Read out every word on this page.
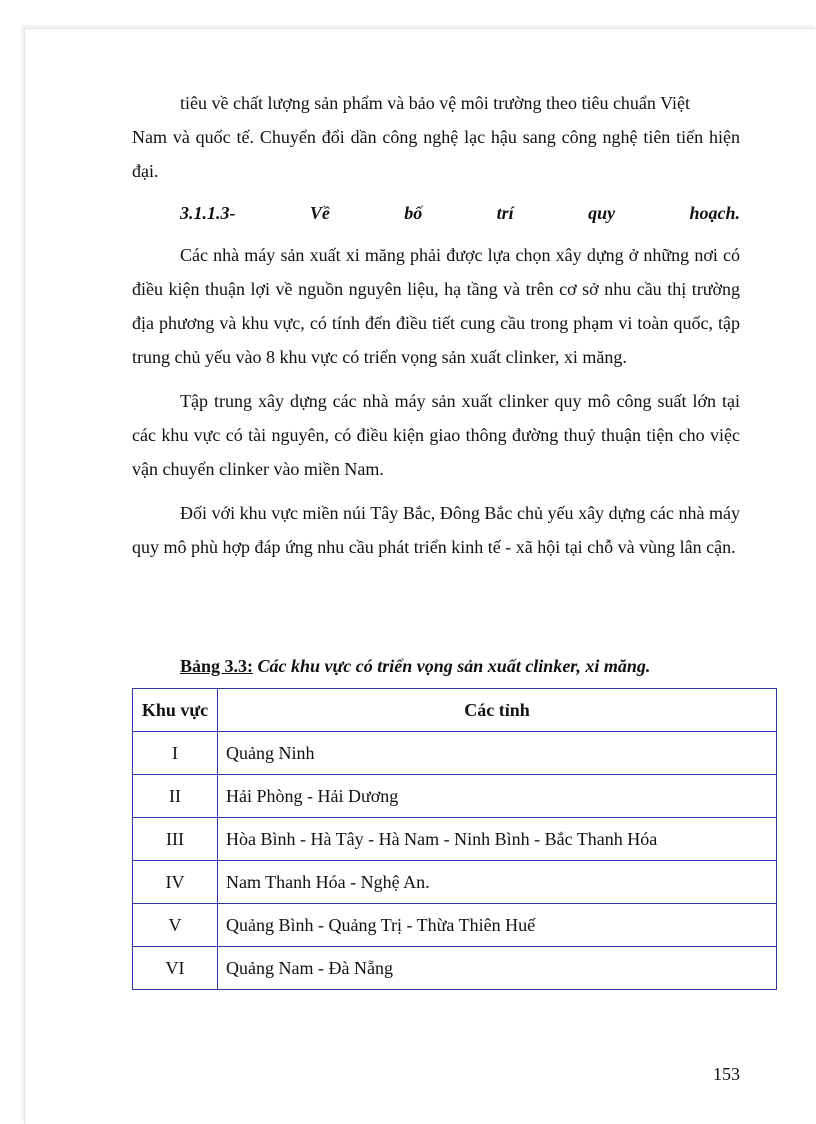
tiêu về chất lượng sản phẩm và bảo vệ môi trường theo tiêu chuẩn Việt
Nam và quốc tế. Chuyển đổi dần công nghệ lạc hậu sang công nghệ tiên tiến hiện đại.
3.1.1.3-	Về	bố	trí	quy	hoạch.

Các nhà máy sản xuất xi măng phải được lựa chọn xây dựng ở những nơi có điều kiện thuận lợi về nguồn nguyên liệu, hạ tầng và trên cơ sở nhu cầu thị trường địa phương và khu vực, có tính đến điều tiết cung cầu trong phạm vi toàn quốc, tập trung chủ yếu vào 8 khu vực có triển vọng sản xuất clinker, xi măng.

Tập trung xây dựng các nhà máy sản xuất clinker quy mô công suất lớn tại các khu vực có tài nguyên, có điều kiện giao thông đường thuỷ thuận tiện cho việc vận chuyển clinker vào miền Nam.

Đối với khu vực miền núi Tây Bắc, Đông Bắc chủ yếu xây dựng các nhà máy quy mô phù hợp đáp ứng nhu cầu phát triển kinh tế - xã hội tại chỗ và vùng lân cận.

Bảng 3.3: Các khu vực có triển vọng sản xuất clinker, xi măng.
Khu vực	Các tỉnh
I	Quảng Ninh
II	Hải Phòng - Hải Dương
III	Hòa Bình - Hà Tây - Hà Nam - Ninh Bình - Bắc Thanh Hóa
IV	Nam Thanh Hóa - Nghệ An.
V	Quảng Bình - Quảng Trị - Thừa Thiên Huế
VI	Quảng Nam - Đà Nẵng
153
